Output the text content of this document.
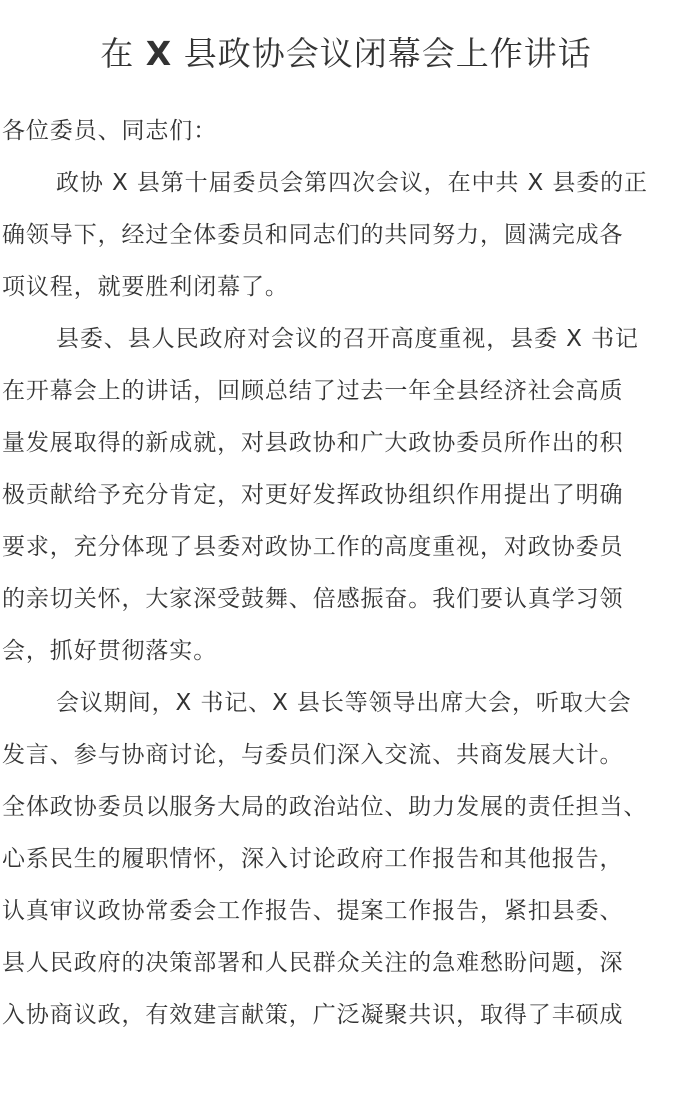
在 X 县政协会议闭幕会上作讲话

各位委员、同志们：

政协 X 县第十届委员会第四次会议，在中共 X 县委的正
确领导下，经过全体委员和同志们的共同努力，圆满完成各
项议程，就要胜利闭幕了。

县委、县人民政府对会议的召开高度重视，县委 X 书记
在开幕会上的讲话，回顾总结了过去一年全县经济社会高质
量发展取得的新成就，对县政协和广大政协委员所作出的积
极贡献给予充分肯定，对更好发挥政协组织作用提出了明确
要求，充分体现了县委对政协工作的高度重视，对政协委员
的亲切关怀，大家深受鼓舞、倍感振奋。我们要认真学习领
会，抓好贯彻落实。

会议期间，X 书记、X 县长等领导出席大会，听取大会
发言、参与协商讨论，与委员们深入交流、共商发展大计。
全体政协委员以服务大局的政治站位、助力发展的责任担当、
心系民生的履职情怀，深入讨论政府工作报告和其他报告，
认真审议政协常委会工作报告、提案工作报告，紧扣县委、
县人民政府的决策部署和人民群众关注的急难愁盼问题，深
入协商议政，有效建言献策，广泛凝聚共识，取得了丰硕成
